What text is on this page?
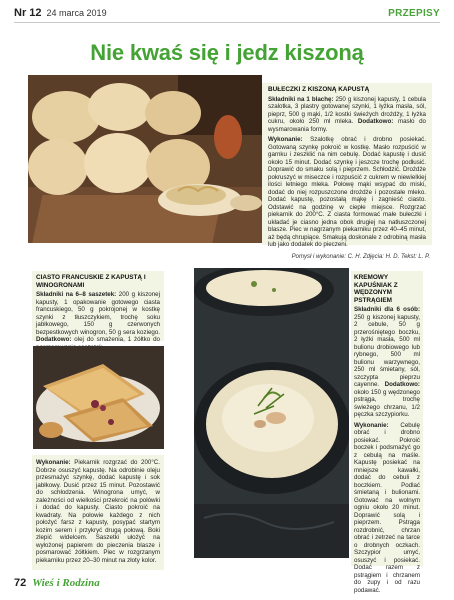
Nr 12 24 marca 2019	PRZEPISY
Nie kwaś się i jedz kiszoną
BUŁECZKI Z KISZONĄ KAPUSTĄ

Składniki na 1 blachę: 250 g kiszonej kapusty, 1 cebula szalotka, 3 plastry gotowanej szynki, 1 łyżka masła, sól, pieprz, 500 g mąki, 1/2 kostki świeżych drożdży, 1 łyżka cukru, około 250 ml mleka. Dodatkowo: masło do wysmarowania formy.

Wykonanie: Szalotkę obrać i drobno posiekać. Gotowaną szynkę pokroić w kostkę. Masło rozpuścić w garnku i zeszklić na nim cebulę. Dodać kapustę i dusić około 15 minut. Dodać szynkę i jeszcze trochę podłusić. Doprawić do smaku solą i pieprzem. Schłodzić. Drożdże pokruszyć w miseczce i rozpuścić z cukrem w niewielkiej ilości letniego mleka. Połowę mąki wsypać do miski, dodać do niej rozpuszczone drożdże i pozostałe mleko. Dodać kapustę, pozostałą mąkę i zagnieść ciasto. Odstawić na godzinę w ciepłe miejsce. Rozgrzać piekarnik do 200°C. Z ciasta formować małe bułeczki i układać je ciasno jedna obok drugiej na natłuszczonej blasze. Piec w nagrzanym piekarniku przez 40–45 minut, aż będą chrupiące. Smakują doskonale z odrobiną masła lub jako dodatek do pieczeni.

Pomysł i wykonanie: C. H. Zdjęcia: H. D. Tekst: L. P.
CIASTO FRANCUSKIE Z KAPUSTĄ I WINOGRONAMI

Składniki na 6–8 saszetek: 200 g kiszonej kapusty, 1 opakowanie gotowego ciasta francuskiego, 50 g pokrojonej w kostkę szynki z tłuszczykiem, trochę soku jabłkowego, 150 g czerwonych bezpestkowych winogron, 50 g sera koziego. Dodatkowo: olej do smażenia, 1 żółtko do

Wykonanie: Piekarnik rozgrzać do 200°C. Dobrze osuszyć kapustę. Na odrobinie oleju przesmażyć szynkę, dodać kapustę i sok jabłkowy. Dusić przez 15 minut. Pozostawić do schłodzenia. Winogrona umyć, w zależności od wielkości przekroić na połówki i dodać do kapusty. Ciasto pokroić na kwadraty. Na połowie każdego z nich położyć farsz z kapusty, posypać startym kozim serem i przykryć drugą połową. Boki zlepić widelcem. Saszetki ułożyć na wyłożonej papierem do pieczenia blasze i posmarować żółtkiem. Piec w rozgrzanym piekarniku przez 20–30 minut na złoty kolor.

KREMOWY KAPUŚNIAK Z WĘDZONYM PSTRĄGIEM

Składniki dla 6 osób: 250 g kiszonej kapusty, 2 cebule, 50 g przerośniętego boczku, 2 łyżki masła, 500 ml bulionu drobiowego lub rybnego, 500 ml bulionu warzywnego, 250 ml śmietany, sól, szczypta pieprzu cayenne. Dodatkowo: około 150 g wędzonego pstrąga, trochę świeżego chrzanu, 1/2 pęczka szczypiorku.

Wykonanie: Cebulę obrać i drobno posiekać. Pokroić boczek i podsmażyć go z cebulą na maśle. Kapustę posiekać na mniejsze kawałki, dodać do cebuli z boczkiem. Podlać śmietaną i bulionami. Gotować na wolnym ogniu około 20 minut. Doprawić solą i pieprzem. Pstrąga rozdrobnić, chrzan obrać i zetrzeć na tarce o drobnych oczkach. Szczypior umyć, osuszyć i posiekać. Dodać razem z pstrągiem i chrzanem do zupy i od razu podawać.

72 Wieś i Rodzina
